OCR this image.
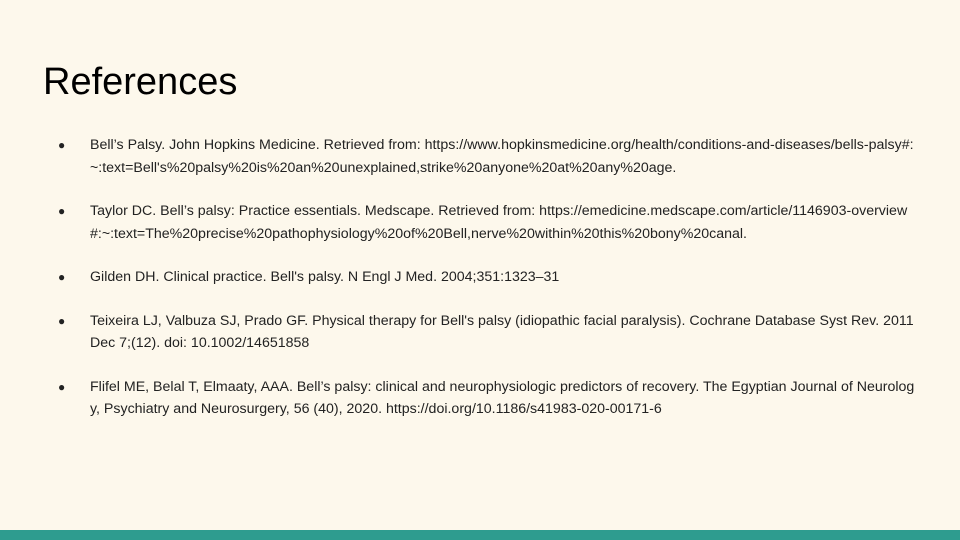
References
● Bell’s Palsy. John Hopkins Medicine. Retrieved from: https://www.hopkinsmedicine.org/health/conditions-and-diseases/bells-palsy#:~:text=Bell's%20palsy%20is%20an%20unexplained,strike%20anyone%20at%20any%20age.
● Taylor DC. Bell’s palsy: Practice essentials. Medscape. Retrieved from: https://emedicine.medscape.com/article/1146903-overview#:~:text=The%20precise%20pathophysiology%20of%20Bell,nerve%20within%20this%20bony%20canal.
● Gilden DH. Clinical practice. Bell's palsy. N Engl J Med. 2004;351:1323–31
● Teixeira LJ, Valbuza SJ, Prado GF. Physical therapy for Bell's palsy (idiopathic facial paralysis). Cochrane Database Syst Rev. 2011 Dec 7;(12). doi: 10.1002/14651858
● Flifel ME, Belal T, Elmaaty, AAA. Bell’s palsy: clinical and neurophysiologic predictors of recovery. The Egyptian Journal of Neurology, Psychiatry and Neurosurgery, 56 (40), 2020. https://doi.org/10.1186/s41983-020-00171-6
